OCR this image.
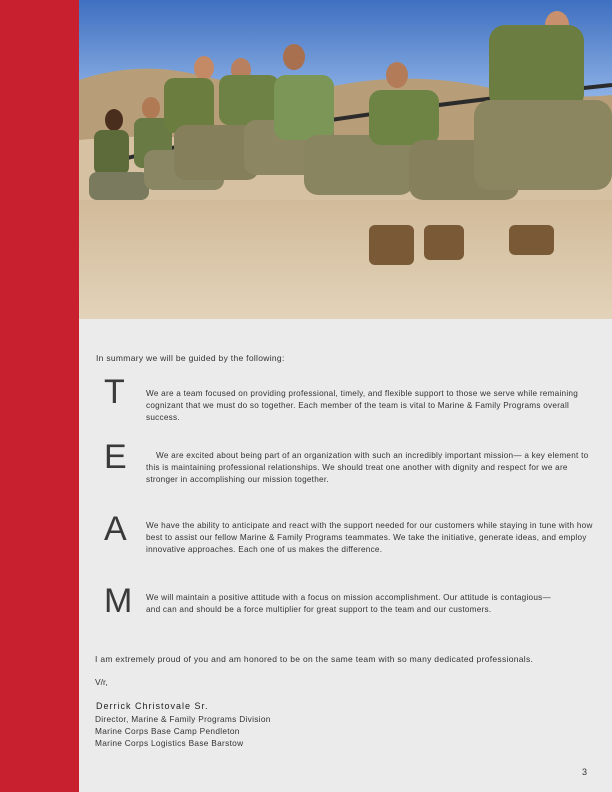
In summary we will be guided by the following:
T	We are a team focused on providing professional, timely, and flexible support to those we serve while remaining cognizant that we must do so together. Each member of the team is vital to Marine & Family Programs overall success.
E	We are excited about being part of an organization with such an incredibly important mission— a key element to this is maintaining professional relationships. We should treat one another with dignity and respect for we are stronger in accomplishing our mission together.
A We have the ability to anticipate and react with the support needed for our customers while staying in tune with how best to assist our fellow Marine & Family Programs teammates. We take the initiative, generate ideas, and employ innovative approaches. Each one of us makes the difference.
M We will maintain a positive attitude with a focus on mission accomplishment. Our attitude is contagious— and can and should be a force multiplier for great support to the team and our customers.
I am extremely proud of you and am honored to be on the same team with so many dedicated professionals.
V/r,
Derrick Christovale Sr.
Director, Marine & Family Programs Division
Marine Corps Base Camp Pendleton
Marine Corps Logistics Base Barstow
3
